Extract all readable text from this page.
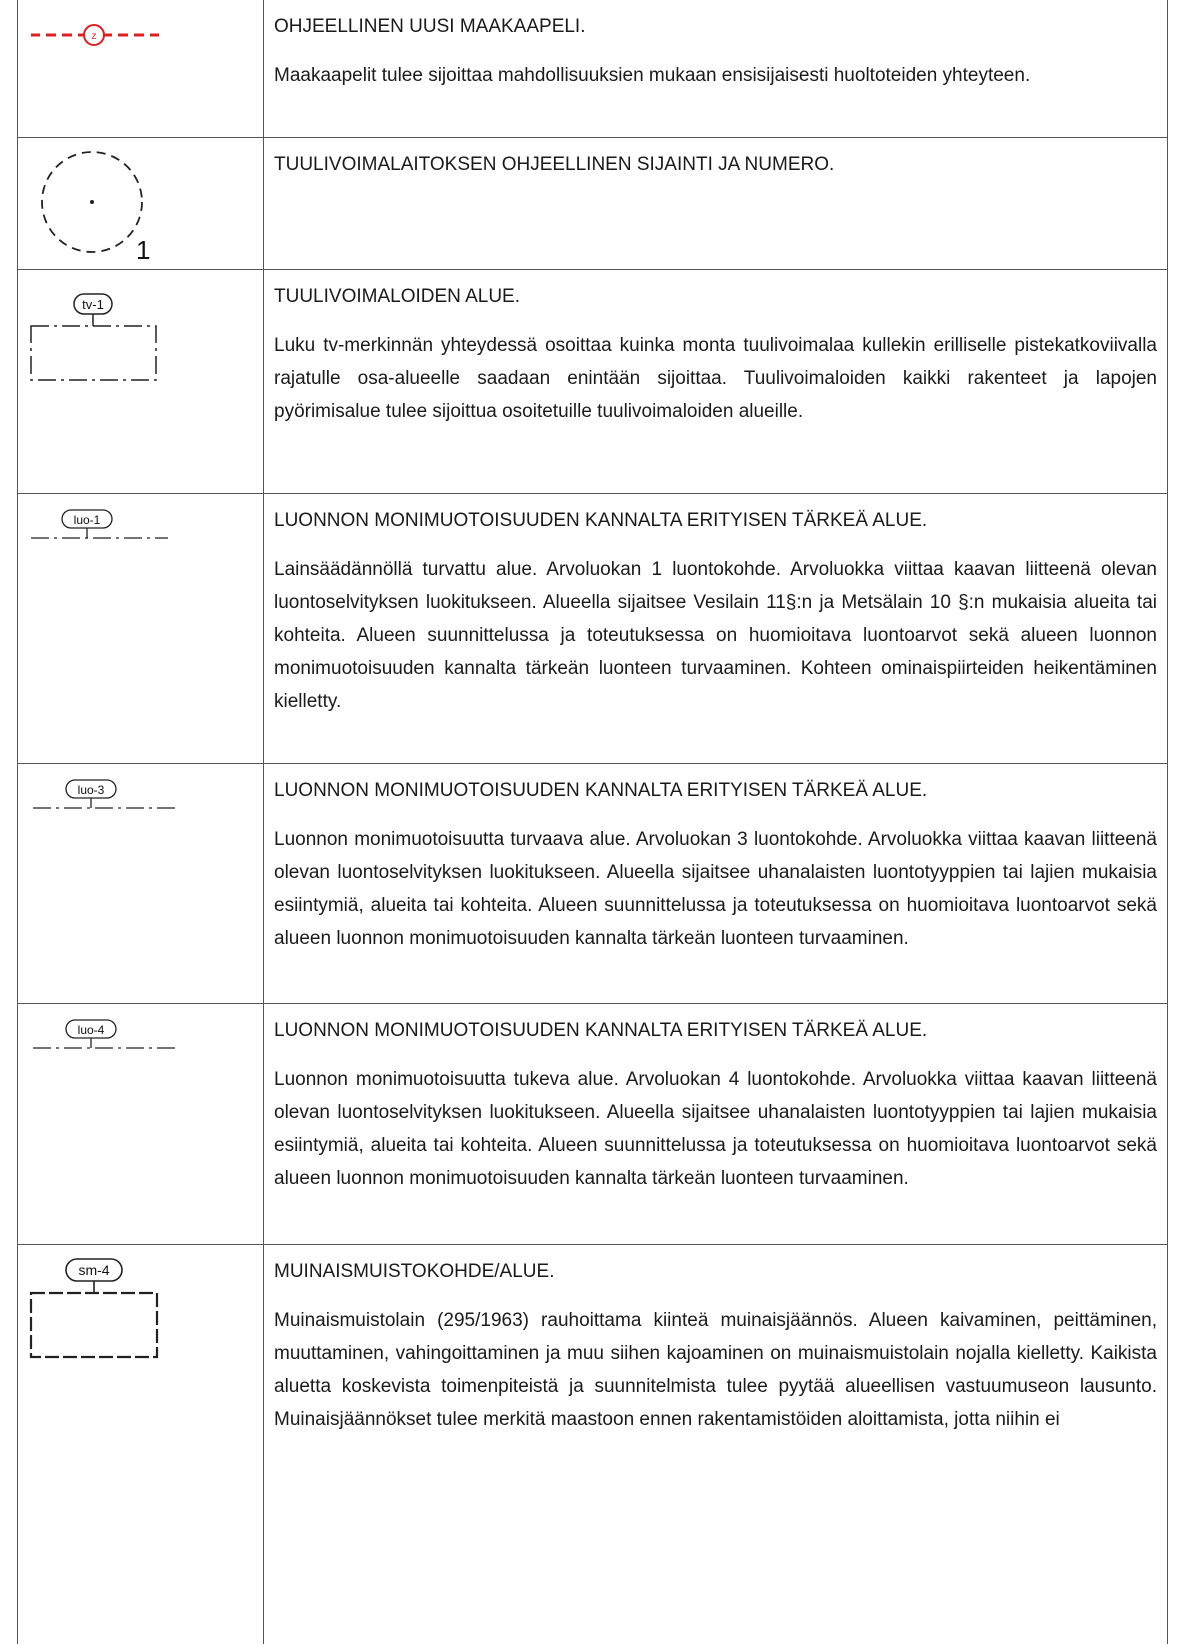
z	OHJEELLINEN UUSI MAAKAAPELI.

Maakaapelit tulee sijoittaa mahdollisuuksien mukaan ensisijaisesti huoltoteiden yhteyteen.

1	TUULIVOIMALAITOKSEN OHJEELLINEN SIJAINTI JA NUMERO.

tv-1	TUULIVOIMALOIDEN ALUE.

Luku tv-merkinnän yhteydessä osoittaa kuinka monta tuulivoimalaa kullekin erilliselle pistekatkoviivalla rajatulle osa-alueelle saadaan enintään sijoittaa. Tuulivoimaloiden kaikki rakenteet ja lapojen pyörimisalue tulee sijoittua osoitetuille tuulivoimaloiden alueille.

luo-1	LUONNON MONIMUOTOISUUDEN KANNALTA ERITYISEN TÄRKEÄ ALUE.

Lainsäädännöllä turvattu alue. Arvoluokan 1 luontokohde. Arvoluokka viittaa kaavan liitteenä olevan luontoselvityksen luokitukseen. Alueella sijaitsee Vesilain 11§:n ja Metsälain 10 §:n mukaisia alueita tai kohteita. Alueen suunnittelussa ja toteutuksessa on huomioitava luontoarvot sekä alueen luonnon monimuotoisuuden kannalta tärkeän luonteen turvaaminen. Kohteen ominaispiirteiden heikentäminen kielletty.

luo-3	LUONNON MONIMUOTOISUUDEN KANNALTA ERITYISEN TÄRKEÄ ALUE.

Luonnon monimuotoisuutta turvaava alue. Arvoluokan 3 luontokohde. Arvoluokka viittaa kaavan liitteenä olevan luontoselvityksen luokitukseen. Alueella sijaitsee uhanalaisten luontotyyppien tai lajien mukaisia esiintymiä, alueita tai kohteita. Alueen suunnittelussa ja toteutuksessa on huomioitava luontoarvot sekä alueen luonnon monimuotoisuuden kannalta tärkeän luonteen turvaaminen.

luo-4	LUONNON MONIMUOTOISUUDEN KANNALTA ERITYISEN TÄRKEÄ ALUE.

Luonnon monimuotoisuutta tukeva alue. Arvoluokan 4 luontokohde. Arvoluokka viittaa kaavan liitteenä olevan luontoselvityksen luokitukseen. Alueella sijaitsee uhanalaisten luontotyyppien tai lajien mukaisia esiintymiä, alueita tai kohteita. Alueen suunnittelussa ja toteutuksessa on huomioitava luontoarvot sekä alueen luonnon monimuotoisuuden kannalta tärkeän luonteen turvaaminen.

sm-4	MUINAISMUISTOKOHDE/ALUE.

Muinaismuistolain (295/1963) rauhoittama kiinteä muinaisjäännös. Alueen kaivaminen, peittäminen, muuttaminen, vahingoittaminen ja muu siihen kajoaminen on muinaismuistolain nojalla kielletty. Kaikista aluetta koskevista toimenpiteistä ja suunnitelmista tulee pyytää alueellisen vastuumuseon lausunto. Muinaisjäännökset tulee merkitä maastoon ennen rakentamistöiden aloittamista, jotta niihin ei
